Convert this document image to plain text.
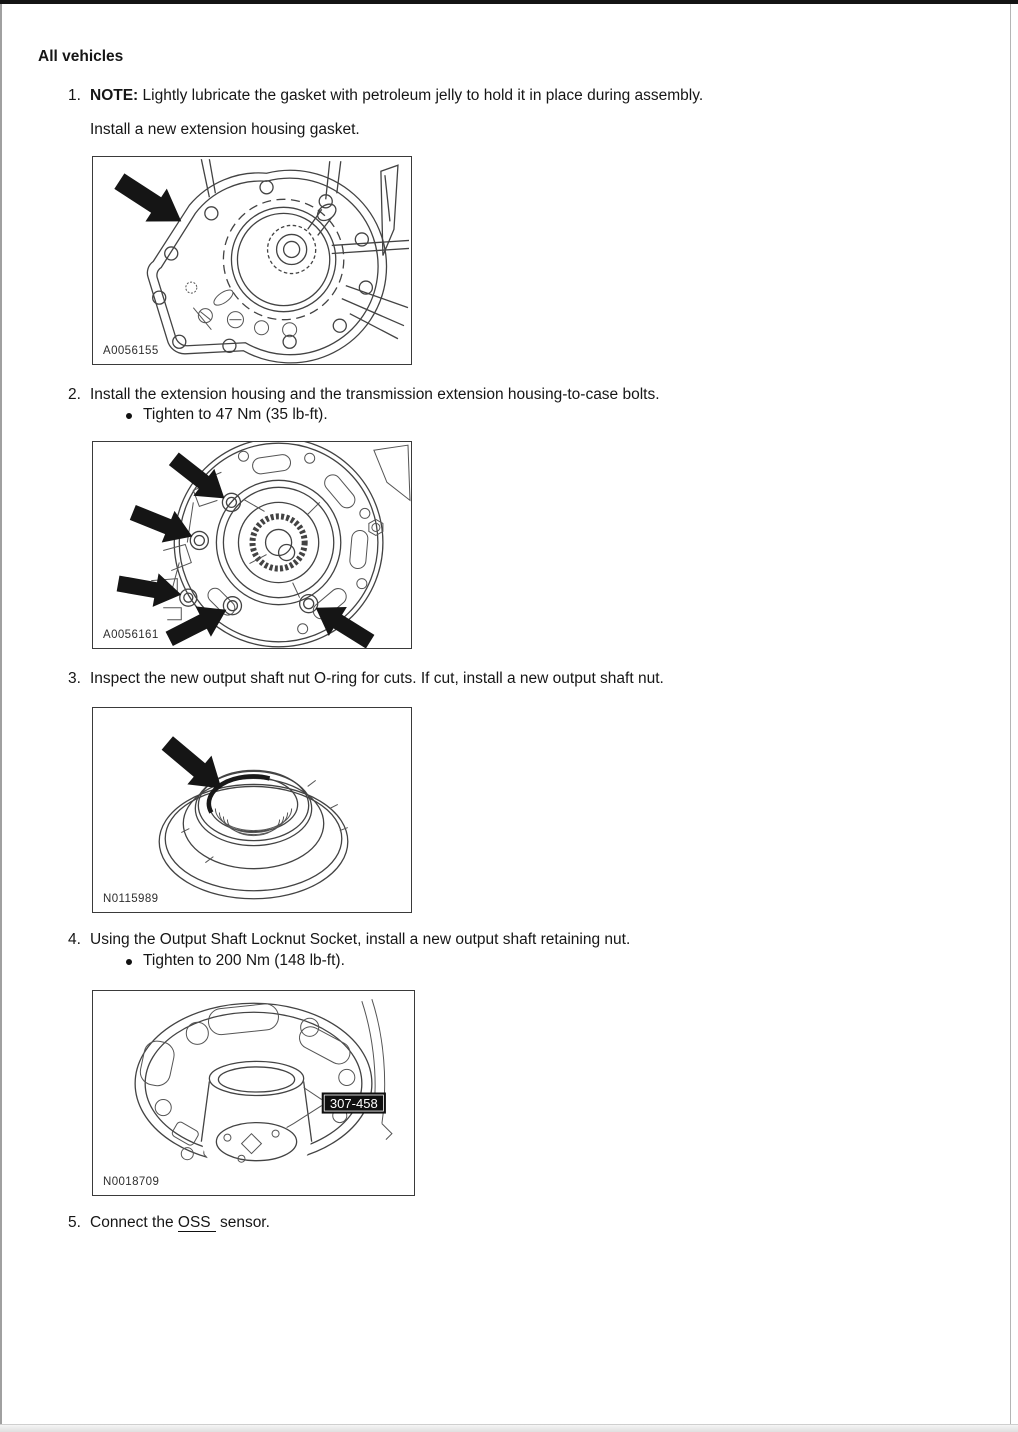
All vehicles
1. NOTE: Lightly lubricate the gasket with petroleum jelly to hold it in place during assembly.
Install a new extension housing gasket.
A0056155
2. Install the extension housing and the transmission extension housing-to-case bolts.
Tighten to 47 Nm (35 lb-ft).
A0056161
3. Inspect the new output shaft nut O-ring for cuts. If cut, install a new output shaft nut.
N0115989
4. Using the Output Shaft Locknut Socket, install a new output shaft retaining nut.
Tighten to 200 Nm (148 lb-ft).
307-458
N0018709
5. Connect the OSS sensor.
